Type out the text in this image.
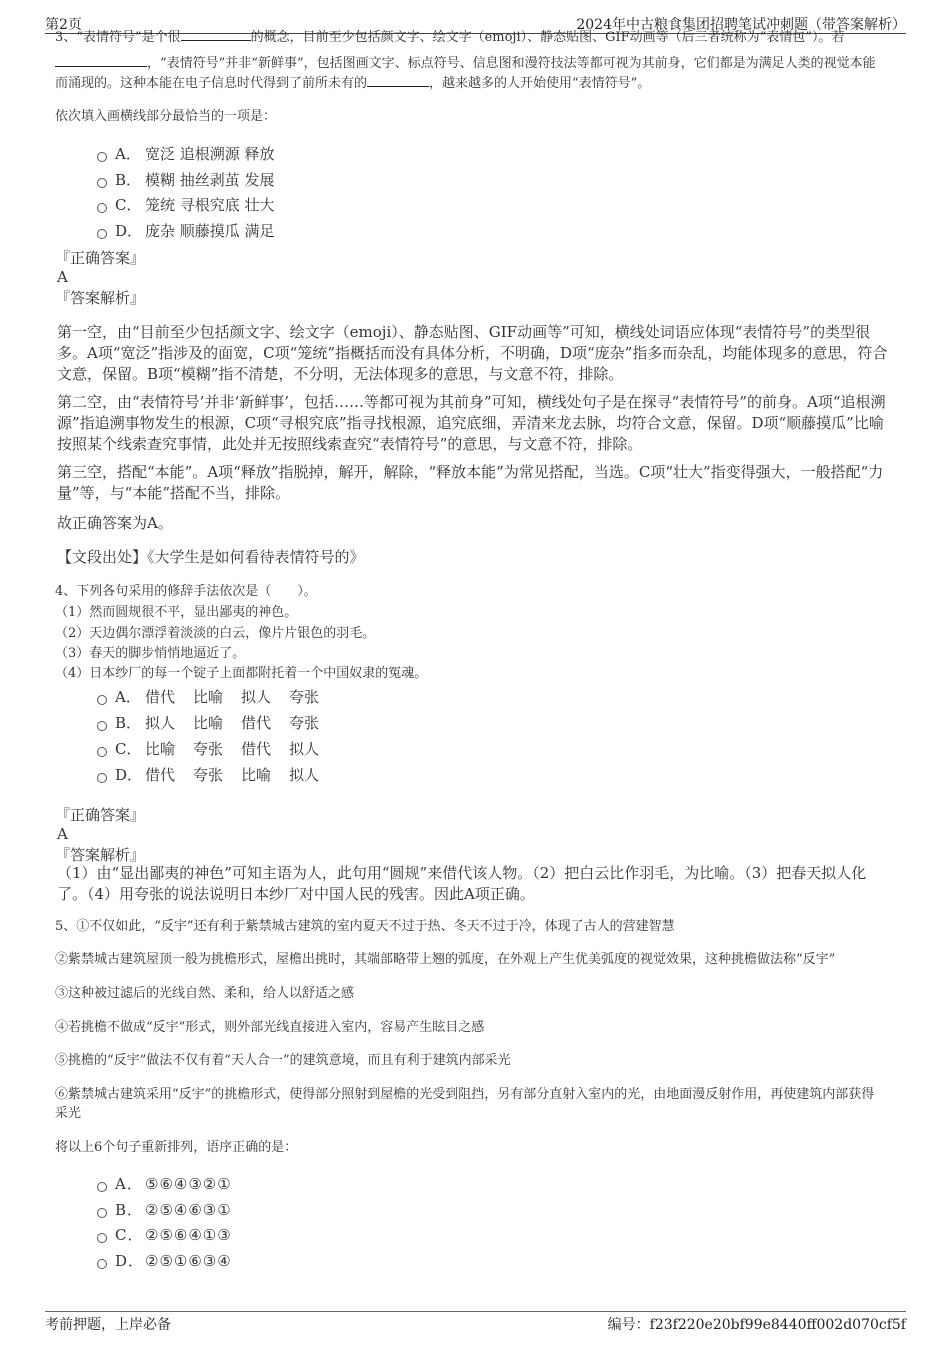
第2页	2024年中古粮食集团招聘笔试冲刺题（带答案解析）
3、“表情符号”是个很	的概念，目前至少包括颜文字、绘文字（emoji）、静态贴图、GIF动画等（后三者统称为“表情包”）。若
，“表情符号”并非“新鲜事”，包括图画文字、标点符号、信息图和漫符技法等都可视为其前身，它们都是为满足人类的视觉本能
而涌现的。这种本能在电子信息时代得到了前所未有的	，越来越多的人开始使用“表情符号”。
依次填入画横线部分最恰当的一项是：
A． 宽泛 追根溯源 释放
B． 模糊 抽丝剥茧 发展
C． 笼统 寻根究底 壮大
D． 庞杂 顺藤摸瓜 满足
『正确答案』
A
『答案解析』
第一空，由“目前至少包括颜文字、绘文字（emoji）、静态贴图、GIF动画等”可知，横线处词语应体现“表情符号”的类型很
多。A项“宽泛”指涉及的面宽，C项“笼统”指概括而没有具体分析，不明确，D项“庞杂”指多而杂乱，均能体现多的意思，符合
文意，保留。B项“模糊”指不清楚，不分明，无法体现多的意思，与文意不符，排除。
第二空，由“表情符号’并非‘新鲜事’，包括……等都可视为其前身”可知，横线处句子是在探寻“表情符号”的前身。A项“追根溯
源”指追溯事物发生的根源，C项“寻根究底”指寻找根源，追究底细，弄清来龙去脉，均符合文意，保留。D项“顺藤摸瓜”比喻
按照某个线索查究事情，此处并无按照线索查究“表情符号”的意思，与文意不符，排除。
第三空，搭配“本能”。A项“释放”指脱掉，解开，解除，“释放本能”为常见搭配，当选。C项“壮大”指变得强大，一般搭配“力
量”等，与“本能”搭配不当，排除。
故正确答案为A。
【文段出处】《大学生是如何看待表情符号的》
4、下列各句采用的修辞手法依次是（　　）。
（1）然而圆规很不平，显出鄙夷的神色。
（2）天边偶尔漂浮着淡淡的白云，像片片银色的羽毛。
（3）春天的脚步悄悄地逼近了。
（4）日本纱厂的每一个锭子上面都附托着一个中国奴隶的冤魂。
A． 借代 比喻 拟人 夸张
B． 拟人 比喻 借代 夸张
C． 比喻 夸张 借代 拟人
D． 借代 夸张 比喻 拟人
『正确答案』
A
『答案解析』
（1）由“显出鄙夷的神色”可知主语为人，此句用“圆规”来借代该人物。（2）把白云比作羽毛，为比喻。（3）把春天拟人化
了。（4）用夸张的说法说明日本纱厂对中国人民的残害。因此A项正确。
5、①不仅如此，“反宇”还有利于紫禁城古建筑的室内夏天不过于热、冬天不过于冷，体现了古人的营建智慧
②紫禁城古建筑屋顶一般为挑檐形式，屋檐出挑时，其端部略带上翘的弧度，在外观上产生优美弧度的视觉效果，这种挑檐做法称“反宇”
③这种被过滤后的光线自然、柔和，给人以舒适之感
④若挑檐不做成“反宇”形式，则外部光线直接进入室内，容易产生眩目之感
⑤挑檐的“反宇”做法不仅有着“天人合一”的建筑意境，而且有利于建筑内部采光
⑥紫禁城古建筑采用“反宇”的挑檐形式，使得部分照射到屋檐的光受到阻挡，另有部分直射入室内的光，由地面漫反射作用，再使建筑内部获得
采光
将以上6个句子重新排列，语序正确的是：
A． ⑤⑥④③②①
B． ②⑤④⑥③①
C． ②⑤⑥④①③
D．②⑤①⑥③④
考前押题，上岸必备	编号：f23f220e20bf99e8440ff002d070cf5f
